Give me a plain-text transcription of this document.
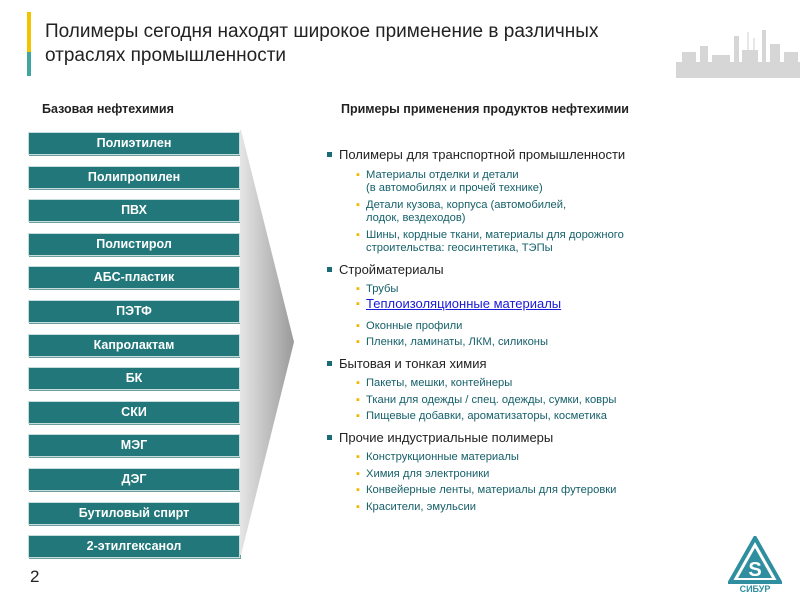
Полимеры сегодня находят широкое применение в различных отраслях промышленности
Базовая нефтехимия	Примеры применения продуктов нефтехимии
Полиэтилен
Полипропилен
ПВХ
Полистирол
АБС-пластик
ПЭТФ
Капролактам
БК
СКИ
МЭГ
ДЭГ
Бутиловый спирт
2-этилгексанол
Полимеры для транспортной промышленности
▪ Материалы отделки и детали
(в автомобилях и прочей технике)
▪ Детали кузова, корпуса (автомобилей,
лодок, вездеходов)
▪ Шины, кордные ткани, материалы для дорожного
строительства: геосинтетика, ТЭПы
Стройматериалы
▪ Трубы
▪ Теплоизоляционные материалы
▪ Оконные профили
▪ Пленки, ламинаты, ЛКМ, силиконы
Бытовая и тонкая химия
▪ Пакеты, мешки, контейнеры
▪ Ткани для одежды / спец. одежды, сумки, ковры
▪ Пищевые добавки, ароматизаторы, косметика
Прочие индустриальные полимеры
▪ Конструкционные материалы
▪ Химия для электроники
▪ Конвейерные ленты, материалы для футеровки
▪ Красители, эмульсии
2	S
СИБУР
